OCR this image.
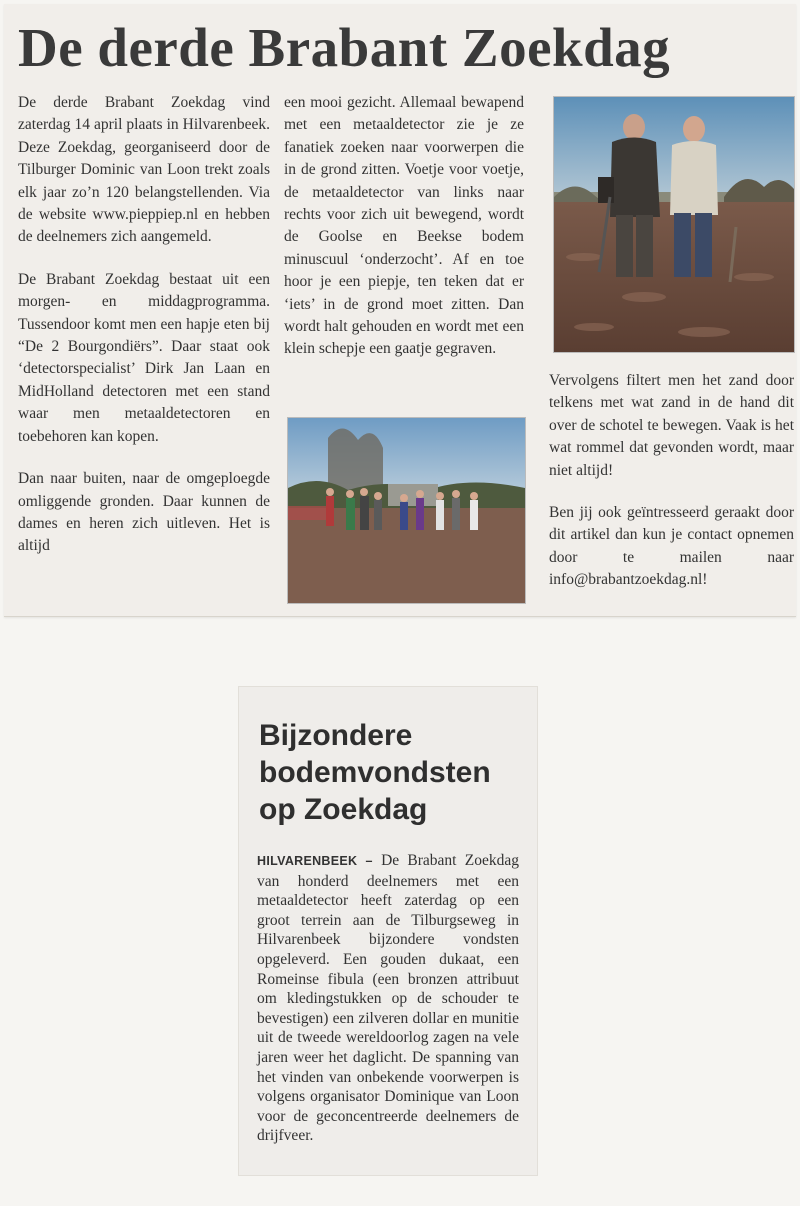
De derde Brabant Zoekdag

De derde Brabant Zoekdag vind zaterdag 14 april plaats in Hilvarenbeek. Deze Zoekdag, georganiseerd door de Tilburger Dominic van Loon trekt zoals elk jaar zo’n 120 belangstellenden. Via de website www.pieppiep.nl en hebben de deelnemers zich aangemeld.

De Brabant Zoekdag bestaat uit een morgen- en middagprogramma. Tussendoor komt men een hapje eten bij “De 2 Bourgondiërs”. Daar staat ook ‘detectorspecialist’ Dirk Jan Laan en MidHolland detectoren met een stand waar men metaaldetectoren en toebehoren kan kopen.

Dan naar buiten, naar de omgeploegde omliggende gronden. Daar kunnen de dames en heren zich uitleven. Het is altijd

een mooi gezicht. Allemaal bewapend met een metaaldetector zie je ze fanatiek zoeken naar voorwerpen die in de grond zitten. Voetje voor voetje, de metaaldetector van links naar rechts voor zich uit bewegend, wordt de Goolse en Beekse bodem minuscuul ‘onderzocht’. Af en toe hoor je een piepje, ten teken dat er ‘iets’ in de grond moet zitten. Dan wordt halt gehouden en wordt met een klein schepje een gaatje gegraven.

Vervolgens filtert men het zand door telkens met wat zand in de hand dit over de schotel te bewegen. Vaak is het wat rommel dat gevonden wordt, maar niet altijd!

Ben jij ook geïntresseerd geraakt door dit artikel dan kun je contact opnemen door te mailen naar info@brabantzoekdag.nl!

Bijzondere bodemvondsten op Zoekdag
HILVARENBEEK – De Brabant Zoekdag van honderd deelnemers met een metaaldetector heeft zaterdag op een groot terrein aan de Tilburgseweg in Hilvarenbeek bijzondere vondsten opgeleverd. Een gouden dukaat, een Romeinse fibula (een bronzen attribuut om kledingstukken op de schouder te bevestigen) een zilveren dollar en munitie uit de tweede wereldoorlog zagen na vele jaren weer het daglicht. De spanning van het vinden van onbekende voorwerpen is volgens organisator Dominique van Loon voor de geconcentreerde deelnemers de drijfveer.
